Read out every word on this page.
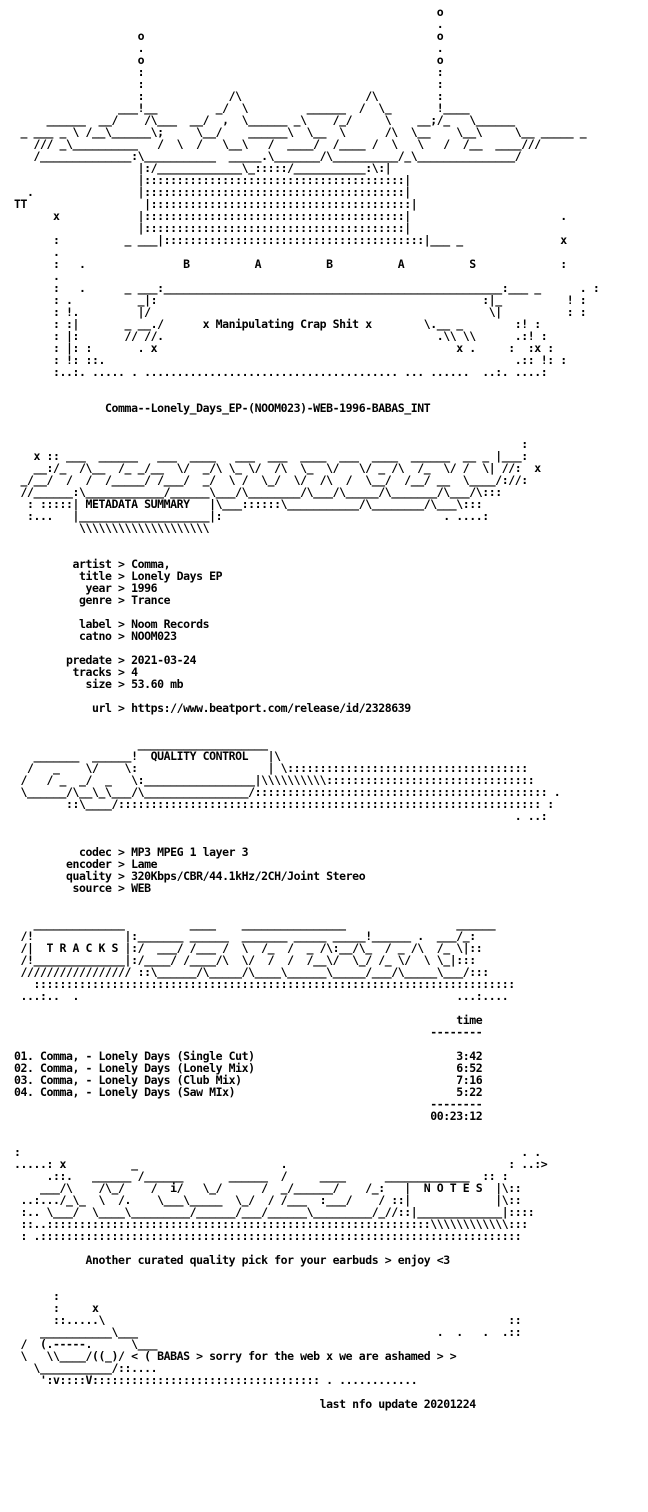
o
.
o                                             o
.                                             .
o                                             o
:                                             :
:                                             :
:             /\                   /\         :
___!__         _/  \         ______  /  \_       !____
______  __/    /\___  __/  ,  \______ _\    /_/     \    __;/_   \______
_ ___ _ \ /__\______\;     \__/    ______\  \__  \      /\  \__    \__\     \__ _____ _
/// _\__________   /  \  /   \__\   /  ____/  /____ /  \   \   /  /__  ____///
/______________:\___________  _____.\_______/\__________/_\_______________/
|:/_____________\_:::::/___________:\:|
|::::::::::::::::::::::::::::::::::::::::|
.                |::::::::::::::::::::::::::::::::::::::::|
TT                  |::::::::::::::::::::::::::::::::::::::::|
x            |::::::::::::::::::::::::::::::::::::::::|                       .
|::::::::::::::::::::::::::::::::::::::::|
:          _ ___|::::::::::::::::::::::::::::::::::::::::|___ _               x
.
:   .               B          A          B          A          S             :
.
:   .      _ ___:____________________________________________________:___ _      . :
: .          _|:                                                  :|_          ! :
: !.         |/                                                    \|          : :
: :|       _ __./      x Manipulating Crap Shit x        \.__ _        :! :
: |:       // //.                                          .\\ \\      .:! :
: |: :       . x                                              x .     :  :x :
: !: ::.                                                               .:: !: :
:..:. ..... . ....................................... ... ......  ..:. ....:

Comma--Lonely_Days_EP-(NOOM023)-WEB-1996-BABAS_INT

:
x :: ___  ______   ___  ____   ___  ___  ____  ___  ____  ______  __ _ |___:
__:/_  /\__  /_ _/__  \/  _/\ \_ \/  /\  \_  \/   \/ _ /\  /_  \/ /  \| //:  x
_/__/  /  /  /_____/ /___/  _/  \ /  \_/  \/  /\  /  \__/  /__/ __  \____/://:
//______:\____________/______\___/\________/\___/\_____/\_______/\___/\:::
: :::::| METADATA SUMMARY   |\___::::::\___________/\________/\___\:::
:...   |____________________|:                                  . ....:
\\\\\\\\\\\\\\\\\\\\

artist > Comma,
title > Lonely Days EP
year > 1996
genre > Trance

label > Noom Records
catno > NOOM023

predate > 2021-03-24
tracks > 4
size > 53.60 mb

url > https://www.beatport.com/release/id/2328639

____________________
_______  ______!  QUALITY CONTROL   |\
/   _    \/    \:                    | \:::::::::::::::::::::::::::::::::::::
/   / _  _/  _   \:_________________|\\\\\\\\\\::::::::::::::::::::::::::::::::
\______/\__\_\___/\________________/::::::::::::::::::::::::::::::::::::::::::::: .
::\____/::::::::::::::::::::::::::::::::::::::::::::::::::::::::::::::::: :
. ..:

codec > MP3 MPEG 1 layer 3
encoder > Lame
quality > 320Kbps/CBR/44.1kHz/2CH/Joint Stereo
source > WEB

______________          ____    ________________                 ______
/!              |:_______ ______  _______ _____ _____!______ .  ___/_:
/|  T R A C K S |:/  ___/ /___ /  \  /_  /  _ /\:__/\_  / _ /\  /_ \|::
/!______________|:/____/ /____/\  \/  /  /  /__\/  \_/ /_ \/  \ \_|:::
///////////////// ::\______/\_____/\____\______\_____/___/\_____\___/:::
::::::::::::::::::::::::::::::::::::::::::::::::::::::::::::::::::::::::::
...:..  .                                                          ...:....

time
--------

01. Comma, - Lonely Days (Single Cut)                               3:42
02. Comma, - Lonely Days (Lonely Mix)                               6:52
03. Comma, - Lonely Days (Club Mix)                                 7:16
04. Comma, - Lonely Days (Saw MIx)                                  5:22
--------
00:23:12

:                                                                             . .
.....: x          _                      .                                  : ..:>
.::.   ______ /______       ______  /     ____      _____________  :: :
___/\    /\_/    /  i/   \_/      /  _/______/    /_:   |  N O T E S  |\::
..:.../_\_  \  /.    \___\_____  \_/  / /___  :___/    / ::|             |\::
:.. \___/  \____\_________/______/___/______\_________/_//::|_____________|::::
::..:::::::::::::::::::::::::::::::::::::::::::::::::::::::::::\\\\\\\\\\\\:::
: .::::::::::::::::::::::::::::::::::::::::::::::::::::::::::::::::::::::::::

Another curated quality pick for your earbuds > enjoy <3

:
:     x
::.....\                                                              ::
___________\___                                              .  .   .  .::
/  (.-----.      \___
\   \\____/((_)/ < ( BABAS > sorry for the web x we are ashamed > >
\___________/::....
':v::::V::::::::::::::::::::::::::::::::::: . ............

last nfo update 20201224
